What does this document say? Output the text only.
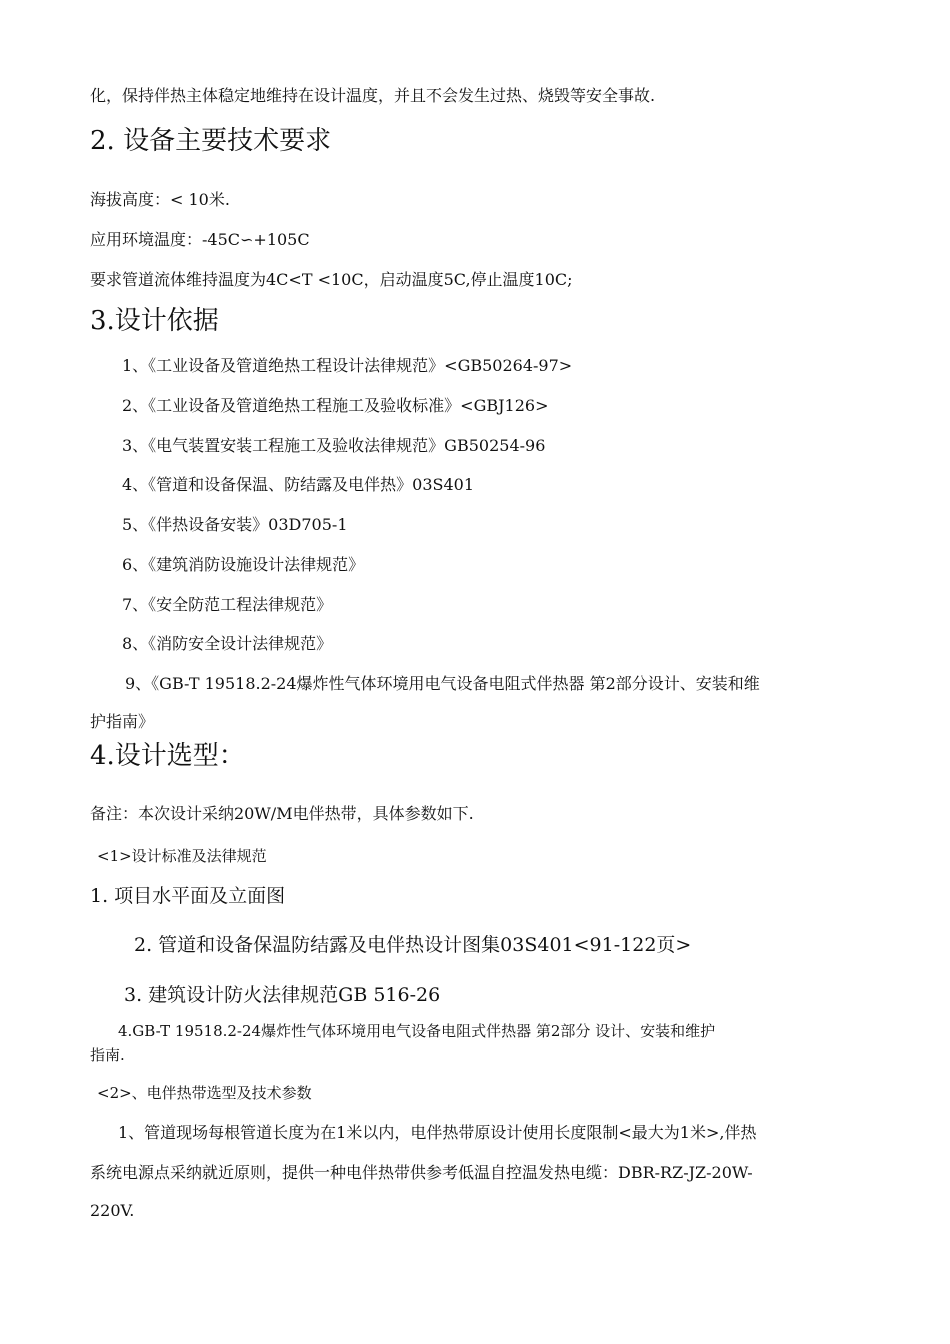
化，保持伴热主体稳定地维持在设计温度，并且不会发生过热、烧毁等安全事故.
2. 设备主要技术要求
海拔高度：< 10米.
应用环境温度：-45C∽+105C
要求管道流体维持温度为4C<T <10C，启动温度5C,停止温度10C;
3.设计依据
1、《工业设备及管道绝热工程设计法律规范》<GB50264-97>
2、《工业设备及管道绝热工程施工及验收标准》<GBJ126>
3、《电气装置安装工程施工及验收法律规范》GB50254-96
4、《管道和设备保温、防结露及电伴热》03S401
5、《伴热设备安装》03D705-1
6、《建筑消防设施设计法律规范》
7、《安全防范工程法律规范》
8、《消防安全设计法律规范》
9、《GB-T 19518.2-24爆炸性气体环境用电气设备电阻式伴热器 第2部分设计、安装和维
护指南》
4.设计选型：
备注：本次设计采纳20W/M电伴热带，具体参数如下.
<1>设计标准及法律规范
1. 项目水平面及立面图
2. 管道和设备保温防结露及电伴热设计图集03S401<91-122页>
3. 建筑设计防火法律规范GB 516-26
4.GB-T 19518.2-24爆炸性气体环境用电气设备电阻式伴热器 第2部分 设计、安装和维护
指南.
<2>、电伴热带选型及技术参数
1、管道现场每根管道长度为在1米以内，电伴热带原设计使用长度限制<最大为1米>,伴热
系统电源点采纳就近原则，提供一种电伴热带供参考低温自控温发热电缆：DBR-RZ-JZ-20W-
220V.
